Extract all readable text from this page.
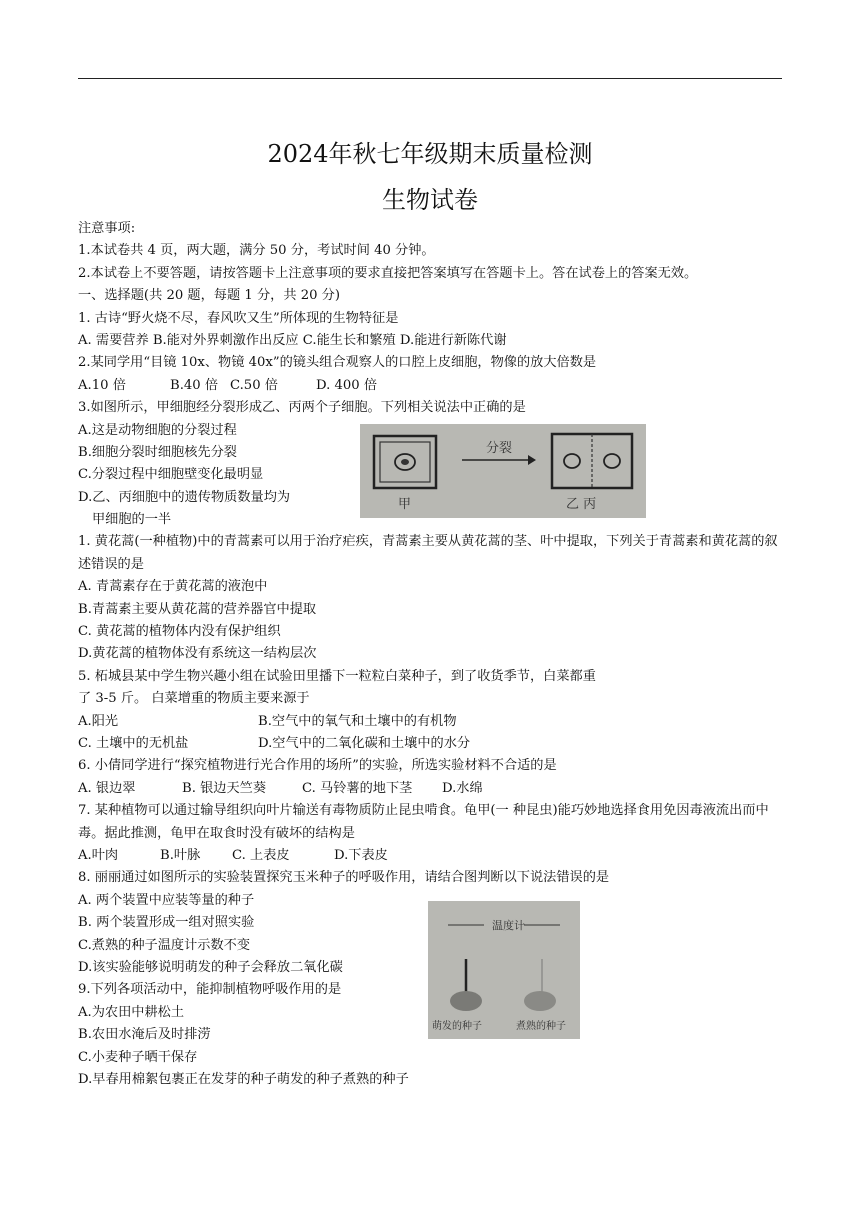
2024年秋七年级期末质量检测
生物试卷
注意事项:
1.本试卷共 4 页，两大题，满分 50 分，考试时间 40 分钟。
2.本试卷上不要答题，请按答题卡上注意事项的要求直接把答案填写在答题卡上。答在试卷上的答案无效。
一、选择题(共 20 题，每题 1 分，共 20 分)
1. 古诗“野火烧不尽，春风吹又生”所体现的生物特征是
A. 需要营养 B.能对外界刺激作出反应 C.能生长和繁殖 D.能进行新陈代谢
2.某同学用“目镜 10x、物镜 40x”的镜头组合观察人的口腔上皮细胞，物像的放大倍数是
A.10 倍	B.40 倍 C.50 倍	D. 400 倍
3.如图所示，甲细胞经分裂形成乙、丙两个子细胞。下列相关说法中正确的是
A.这是动物细胞的分裂过程
B.细胞分裂时细胞核先分裂
C.分裂过程中细胞壁变化最明显
D.乙、丙细胞中的遗传物质数量均为
甲细胞的一半
1. 黄花蒿(一种植物)中的青蒿素可以用于治疗疟疾，青蒿素主要从黄花蒿的茎、叶中提取，下列关于青蒿素和黄花蒿的叙述错误的是
A. 青蒿素存在于黄花蒿的液泡中
B.青蒿素主要从黄花蒿的营养器官中提取
C. 黄花蒿的植物体内没有保护组织
D.黄花蒿的植物体没有系统这一结构层次
5. 柘城县某中学生物兴趣小组在试验田里播下一粒粒白菜种子，到了收货季节，白菜都重
了 3-5 斤。 白菜增重的物质主要来源于
A.阳光	B.空气中的氧气和土壤中的有机物
C. 土壤中的无机盐	D.空气中的二氧化碳和土壤中的水分
6. 小倩同学进行“探究植物进行光合作用的场所”的实验，所选实验材料不合适的是
A. 银边翠	B. 银边天竺葵	C. 马铃薯的地下茎 D.水绵
7. 某种植物可以通过输导组织向叶片输送有毒物质防止昆虫啃食。龟甲(一 种昆虫)能巧妙地选择食用免因毒液流出而中毒。据此推测，龟甲在取食时没有破坏的结构是
A.叶肉	B.叶脉 C. 上表皮	D.下表皮
8. 丽丽通过如图所示的实验装置探究玉米种子的呼吸作用，请结合图判断以下说法错误的是
A. 两个装置中应装等量的种子
B. 两个装置形成一组对照实验
C.煮熟的种子温度计示数不变
D.该实验能够说明萌发的种子会释放二氧化碳
9.下列各项活动中，能抑制植物呼吸作用的是
A.为农田中耕松土
B.农田水淹后及时排涝
C.小麦种子晒干保存
D.早春用棉絮包裹正在发芽的种子萌发的种子煮熟的种子
分裂
甲	乙 丙
温度计
萌发的种子	煮熟的种子
